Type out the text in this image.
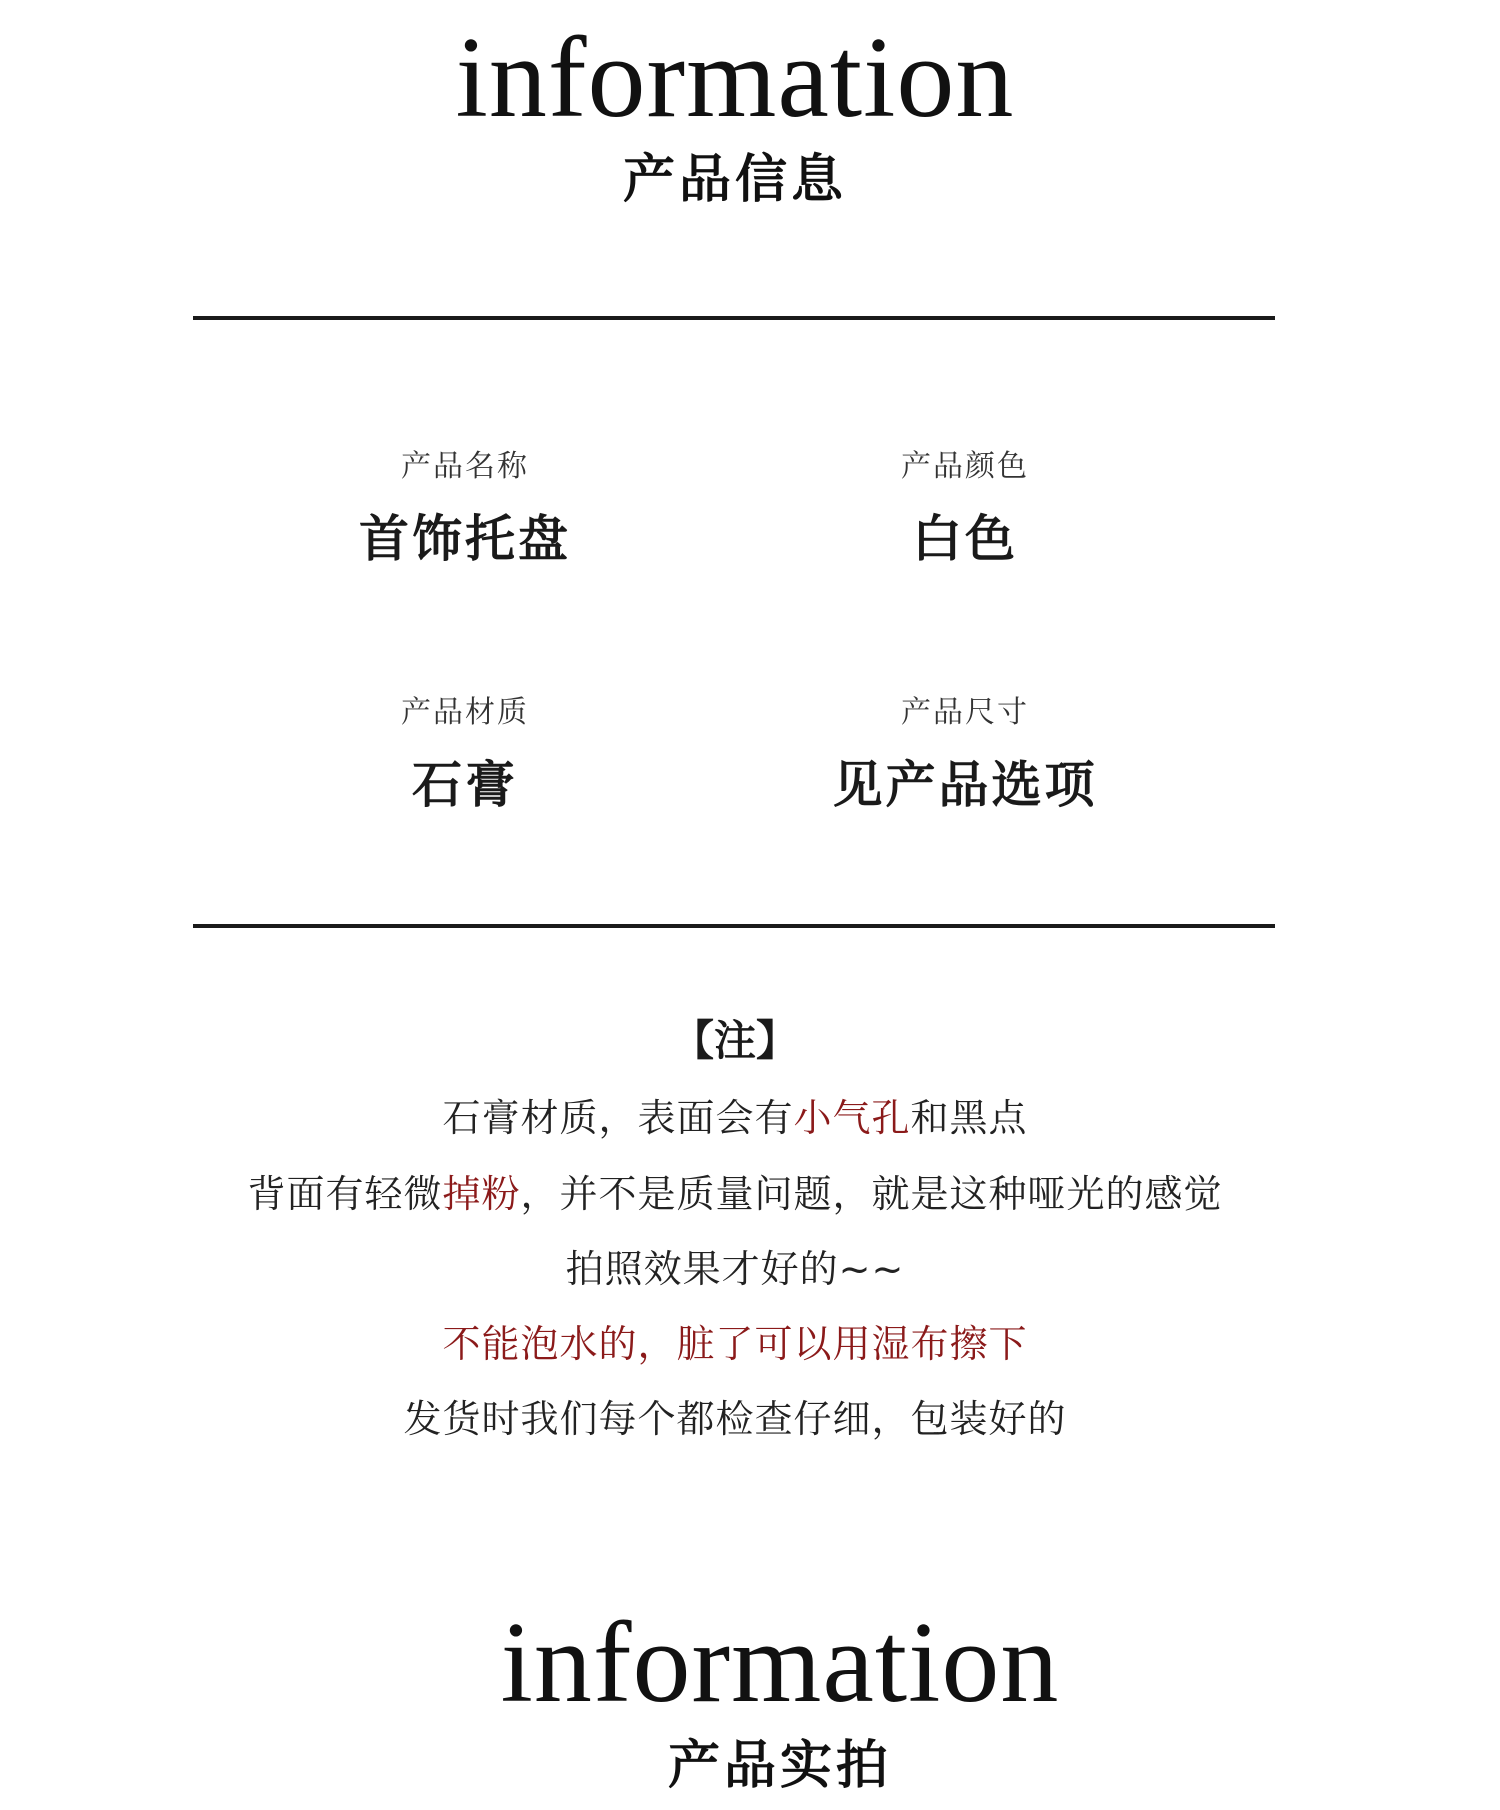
information
产品信息
产品名称
首饰托盘
产品颜色
白色
产品材质
石膏
产品尺寸
见产品选项
【注】
石膏材质，表面会有小气孔和黑点
背面有轻微掉粉，并不是质量问题，就是这种哑光的感觉
拍照效果才好的~~
不能泡水的，脏了可以用湿布擦下
发货时我们每个都检查仔细，包装好的
information
产品实拍
